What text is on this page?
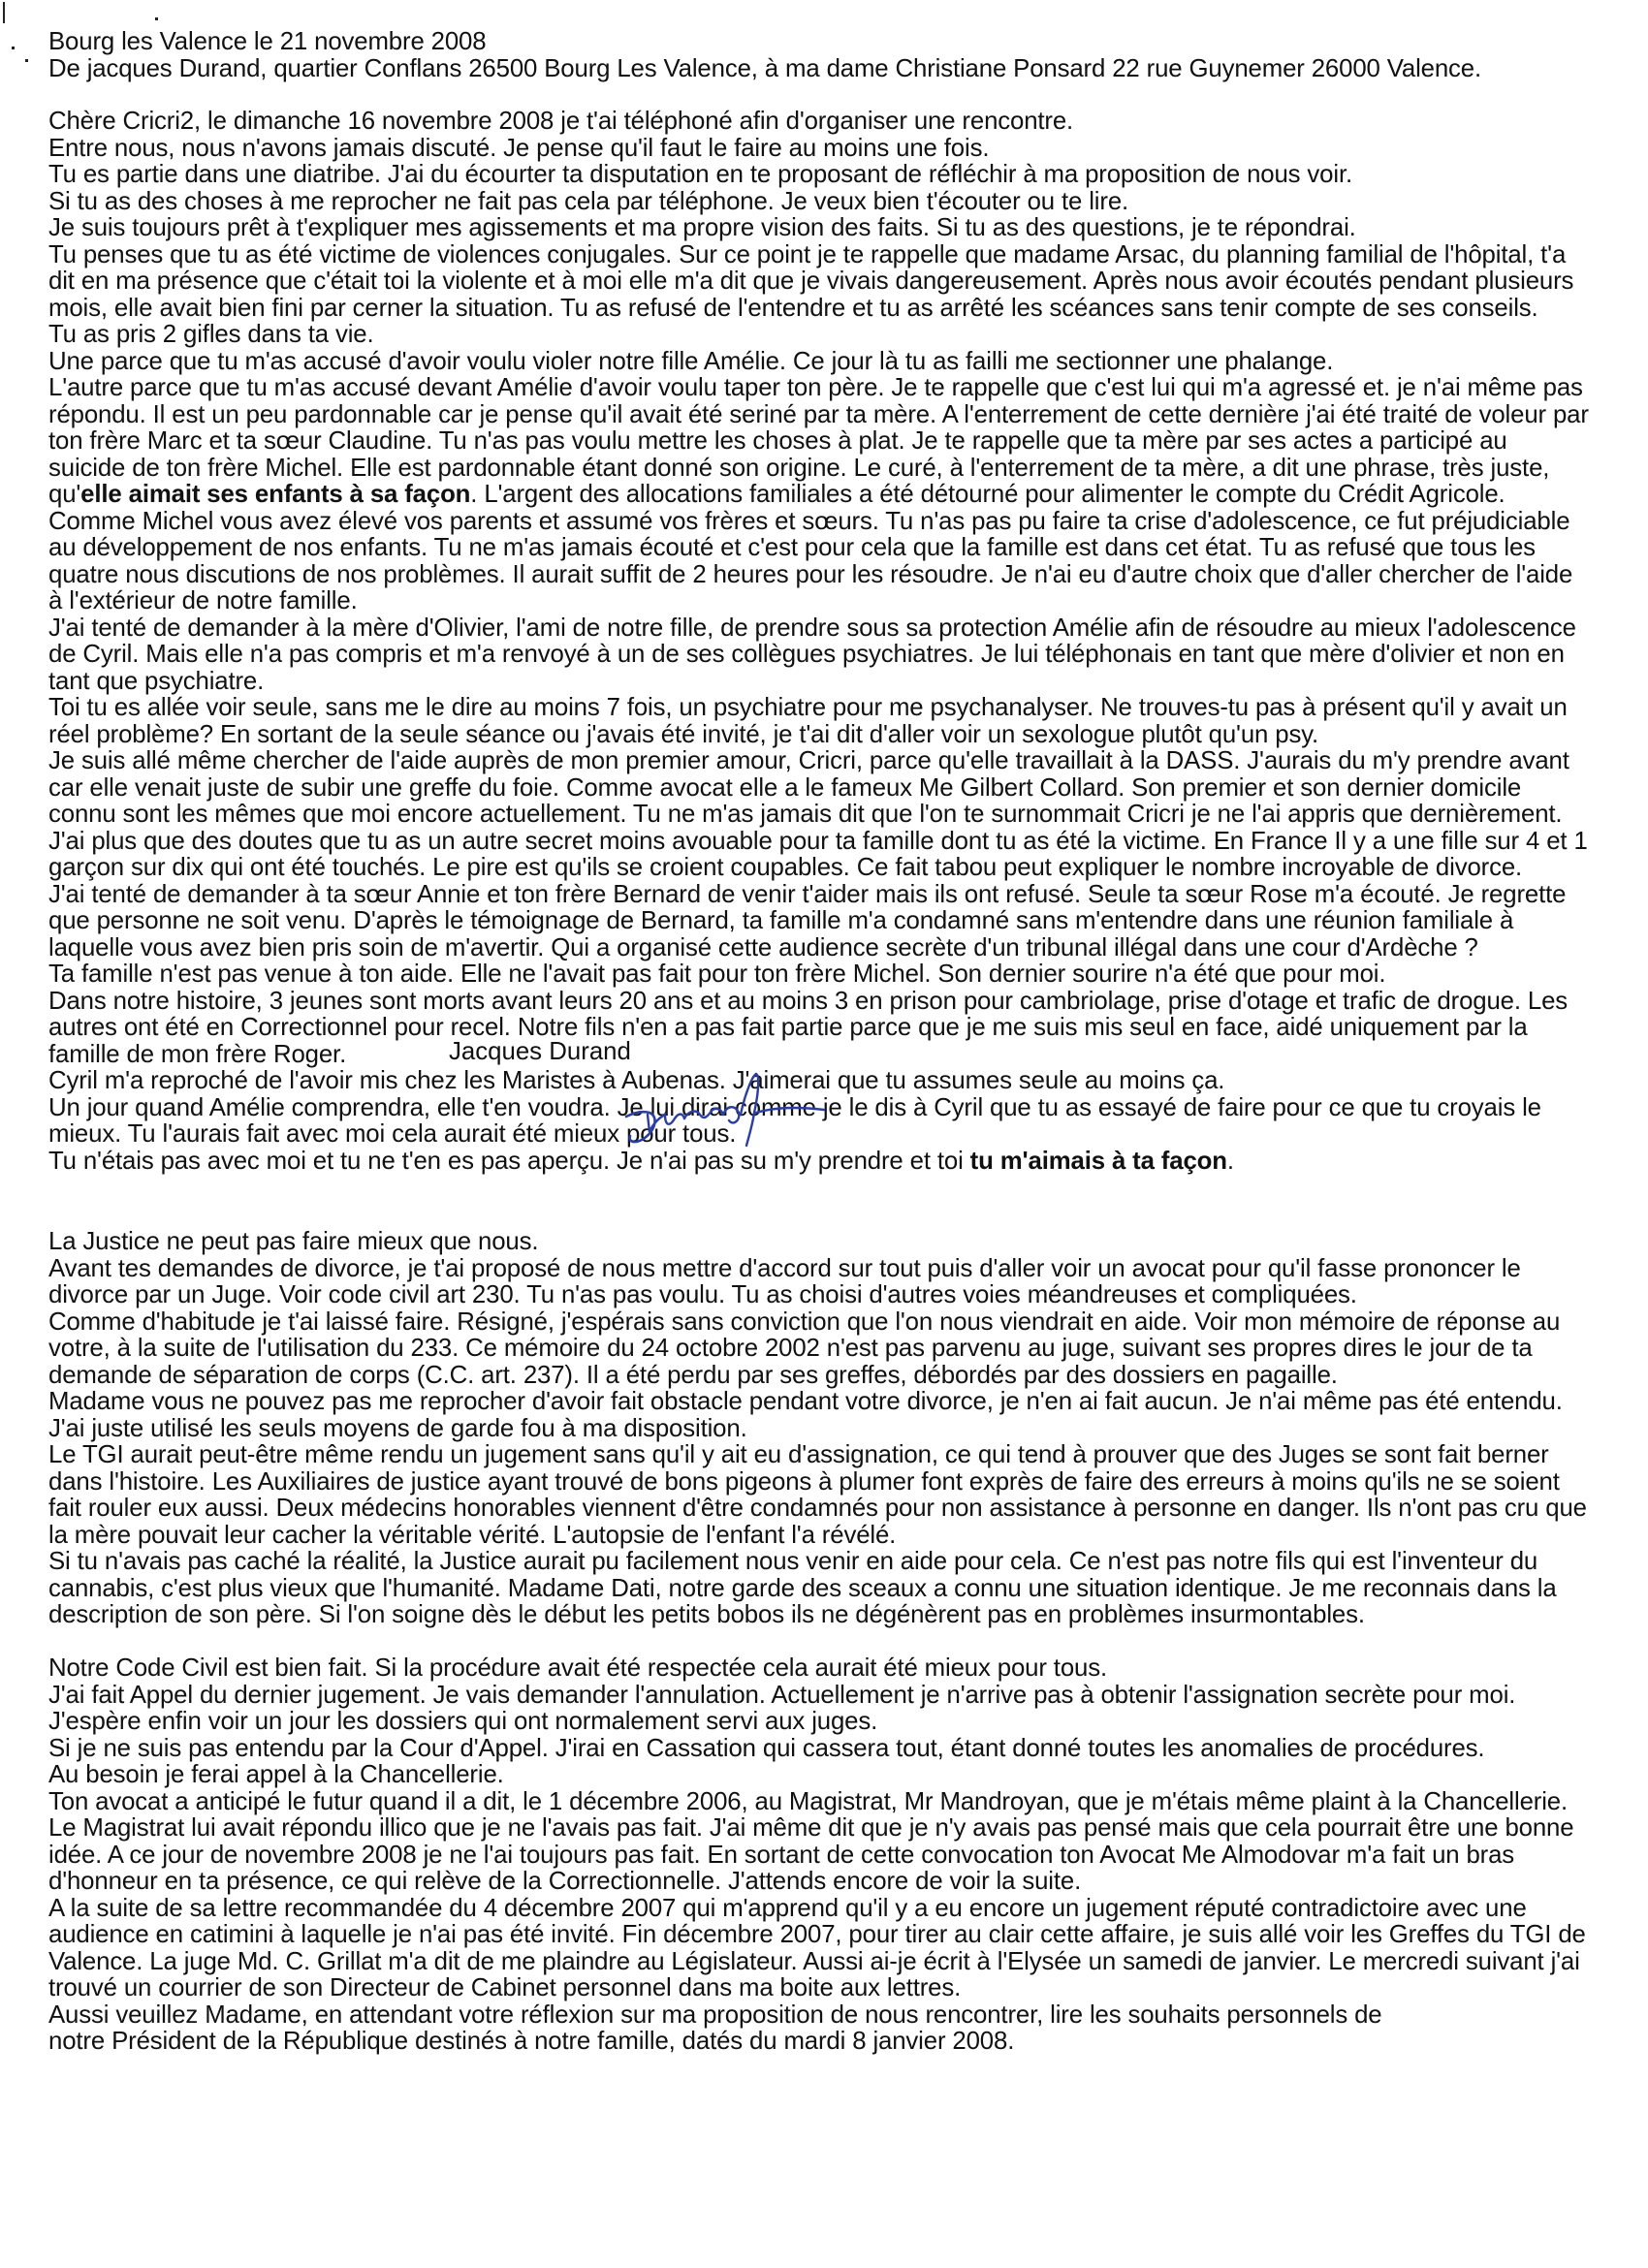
Bourg les Valence le 21 novembre 2008
De jacques Durand, quartier Conflans 26500 Bourg Les Valence, à ma dame Christiane Ponsard 22 rue Guynemer 26000 Valence.
Chère Cricri2, le dimanche 16 novembre 2008 je t'ai téléphoné afin d'organiser une rencontre.
Entre nous, nous n'avons jamais discuté. Je pense qu'il faut le faire au moins une fois.
Tu es partie dans une diatribe. J'ai du écourter ta disputation en te proposant de réfléchir à ma proposition de nous voir.
Si tu as des choses à me reprocher ne fait pas cela par téléphone. Je veux bien t'écouter ou te lire.
Je suis toujours prêt à t'expliquer mes agissements et ma propre vision des faits. Si tu as des questions, je te répondrai.
Tu penses que tu as été victime de violences conjugales. Sur ce point je te rappelle que madame Arsac, du planning familial de l'hôpital, t'a
dit en ma présence que c'était toi la violente et à moi elle m'a dit que je vivais dangereusement. Après nous avoir écoutés pendant plusieurs
mois, elle avait bien fini par cerner la situation. Tu as refusé de l'entendre et tu as arrêté les scéances sans tenir compte de ses conseils.
Tu as pris 2 gifles dans ta vie.
Une parce que tu m'as accusé d'avoir voulu violer notre fille Amélie. Ce jour là tu as failli me sectionner une phalange.
L'autre parce que tu m'as accusé devant Amélie d'avoir voulu taper ton père. Je te rappelle que c'est lui qui m'a agressé et. je n'ai même pas
répondu. Il est un peu pardonnable car je pense qu'il avait été seriné par ta mère. A l'enterrement de cette dernière j'ai été traité de voleur par
ton frère Marc et ta sœur Claudine. Tu n'as pas voulu mettre les choses à plat. Je te rappelle que ta mère par ses actes a participé au
suicide de ton frère Michel. Elle est pardonnable étant donné son origine. Le curé, à l'enterrement de ta mère, a dit une phrase, très juste,
qu'elle aimait ses enfants à sa façon. L'argent des allocations familiales a été détourné pour alimenter le compte du Crédit Agricole.
Comme Michel vous avez élevé vos parents et assumé vos frères et sœurs. Tu n'as pas pu faire ta crise d'adolescence, ce fut préjudiciable
au développement de nos enfants. Tu ne m'as jamais écouté et c'est pour cela que la famille est dans cet état. Tu as refusé que tous les
quatre nous discutions de nos problèmes. Il aurait suffit de 2 heures pour les résoudre. Je n'ai eu d'autre choix que d'aller chercher de l'aide
à l'extérieur de notre famille.
J'ai tenté de demander à la mère d'Olivier, l'ami de notre fille, de prendre sous sa protection Amélie afin de résoudre au mieux l'adolescence
de Cyril. Mais elle n'a pas compris et m'a renvoyé à un de ses collègues psychiatres. Je lui téléphonais en tant que mère d'olivier et non en
tant que psychiatre.
Toi tu es allée voir seule, sans me le dire au moins 7 fois, un psychiatre pour me psychanalyser. Ne trouves-tu pas à présent qu'il y avait un
réel problème? En sortant de la seule séance ou j'avais été invité, je t'ai dit d'aller voir un sexologue plutôt qu'un psy.
Je suis allé même chercher de l'aide auprès de mon premier amour, Cricri, parce qu'elle travaillait à la DASS. J'aurais du m'y prendre avant
car elle venait juste de subir une greffe du foie. Comme avocat elle a le fameux Me Gilbert Collard. Son premier et son dernier domicile
connu sont les mêmes que moi encore actuellement. Tu ne m'as jamais dit que l'on te surnommait Cricri je ne l'ai appris que dernièrement.
J'ai plus que des doutes que tu as un autre secret moins avouable pour ta famille dont tu as été la victime. En France Il y a une fille sur 4 et 1
garçon sur dix qui ont été touchés. Le pire est qu'ils se croient coupables. Ce fait tabou peut expliquer le nombre incroyable de divorce.
J'ai tenté de demander à ta sœur Annie et ton frère Bernard de venir t'aider mais ils ont refusé. Seule ta sœur Rose m'a écouté. Je regrette
que personne ne soit venu. D'après le témoignage de Bernard, ta famille m'a condamné sans m'entendre dans une réunion familiale à
laquelle vous avez bien pris soin de m'avertir. Qui a organisé cette audience secrète d'un tribunal illégal dans une cour d'Ardèche ?
Ta famille n'est pas venue à ton aide. Elle ne l'avait pas fait pour ton frère Michel. Son dernier sourire n'a été que pour moi.
Dans notre histoire, 3 jeunes sont morts avant leurs 20 ans et au moins 3 en prison pour cambriolage, prise d'otage et trafic de drogue. Les
autres ont été en Correctionnel pour recel. Notre fils n'en a pas fait partie parce que je me suis mis seul en face, aidé uniquement par la
famille de mon frère Roger.
Cyril m'a reproché de l'avoir mis chez les Maristes à Aubenas. J'aimerai que tu assumes seule au moins ça.
Un jour quand Amélie comprendra, elle t'en voudra. Je lui dirai comme je le dis à Cyril que tu as essayé de faire pour ce que tu croyais le
mieux. Tu l'aurais fait avec moi cela aurait été mieux pour tous.
Tu n'étais pas avec moi et tu ne t'en es pas aperçu. Je n'ai pas su m'y prendre et toi tu m'aimais à ta façon.
La Justice ne peut pas faire mieux que nous.
Avant tes demandes de divorce, je t'ai proposé de nous mettre d'accord sur tout puis d'aller voir un avocat pour qu'il fasse prononcer le
divorce par un Juge. Voir code civil art 230. Tu n'as pas voulu. Tu as choisi d'autres voies méandreuses et compliquées.
Comme d'habitude je t'ai laissé faire. Résigné, j'espérais sans conviction que l'on nous viendrait en aide. Voir mon mémoire de réponse au
votre, à la suite de l'utilisation du 233. Ce mémoire du 24 octobre 2002 n'est pas parvenu au juge, suivant ses propres dires le jour de ta
demande de séparation de corps (C.C. art. 237). Il a été perdu par ses greffes, débordés par des dossiers en pagaille.
Madame vous ne pouvez pas me reprocher d'avoir fait obstacle pendant votre divorce, je n'en ai fait aucun. Je n'ai même pas été entendu.
J'ai juste utilisé les seuls moyens de garde fou à ma disposition.
Le TGI aurait peut-être même rendu un jugement sans qu'il y ait eu d'assignation, ce qui tend à prouver que des Juges se sont fait berner
dans l'histoire. Les Auxiliaires de justice ayant trouvé de bons pigeons à plumer font exprès de faire des erreurs à moins qu'ils ne se soient
fait rouler eux aussi. Deux médecins honorables viennent d'être condamnés pour non assistance à personne en danger. Ils n'ont pas cru que
la mère pouvait leur cacher la véritable vérité. L'autopsie de l'enfant l'a révélé.
Si tu n'avais pas caché la réalité, la Justice aurait pu facilement nous venir en aide pour cela. Ce n'est pas notre fils qui est l'inventeur du
cannabis, c'est plus vieux que l'humanité. Madame Dati, notre garde des sceaux a connu une situation identique. Je me reconnais dans la
description de son père. Si l'on soigne dès le début les petits bobos ils ne dégénèrent pas en problèmes insurmontables.
Notre Code Civil est bien fait. Si la procédure avait été respectée cela aurait été mieux pour tous.
J'ai fait Appel du dernier jugement. Je vais demander l'annulation. Actuellement je n'arrive pas à obtenir l'assignation secrète pour moi.
J'espère enfin voir un jour les dossiers qui ont normalement servi aux juges.
Si je ne suis pas entendu par la Cour d'Appel. J'irai en Cassation qui cassera tout, étant donné toutes les anomalies de procédures.
Au besoin je ferai appel à la Chancellerie.
Ton avocat a anticipé le futur quand il a dit, le 1 décembre 2006, au Magistrat, Mr Mandroyan, que je m'étais même plaint à la Chancellerie.
Le Magistrat lui avait répondu illico que je ne l'avais pas fait. J'ai même dit que je n'y avais pas pensé mais que cela pourrait être une bonne
idée. A ce jour de novembre 2008 je ne l'ai toujours pas fait. En sortant de cette convocation ton Avocat Me Almodovar m'a fait un bras
d'honneur en ta présence, ce qui relève de la Correctionnelle. J'attends encore de voir la suite.
A la suite de sa lettre recommandée du 4 décembre 2007 qui m'apprend qu'il y a eu encore un jugement réputé contradictoire avec une
audience en catimini à laquelle je n'ai pas été invité. Fin décembre 2007, pour tirer au clair cette affaire, je suis allé voir les Greffes du TGI de
Valence. La juge Md. C. Grillat m'a dit de me plaindre au Législateur. Aussi ai-je écrit à l'Elysée un samedi de janvier. Le mercredi suivant j'ai
trouvé un courrier de son Directeur de Cabinet personnel dans ma boite aux lettres.
Aussi veuillez Madame, en attendant votre réflexion sur ma proposition de nous rencontrer, lire les souhaits personnels de
notre Président de la République destinés à notre famille, datés du mardi 8 janvier 2008.
Jacques Durand
